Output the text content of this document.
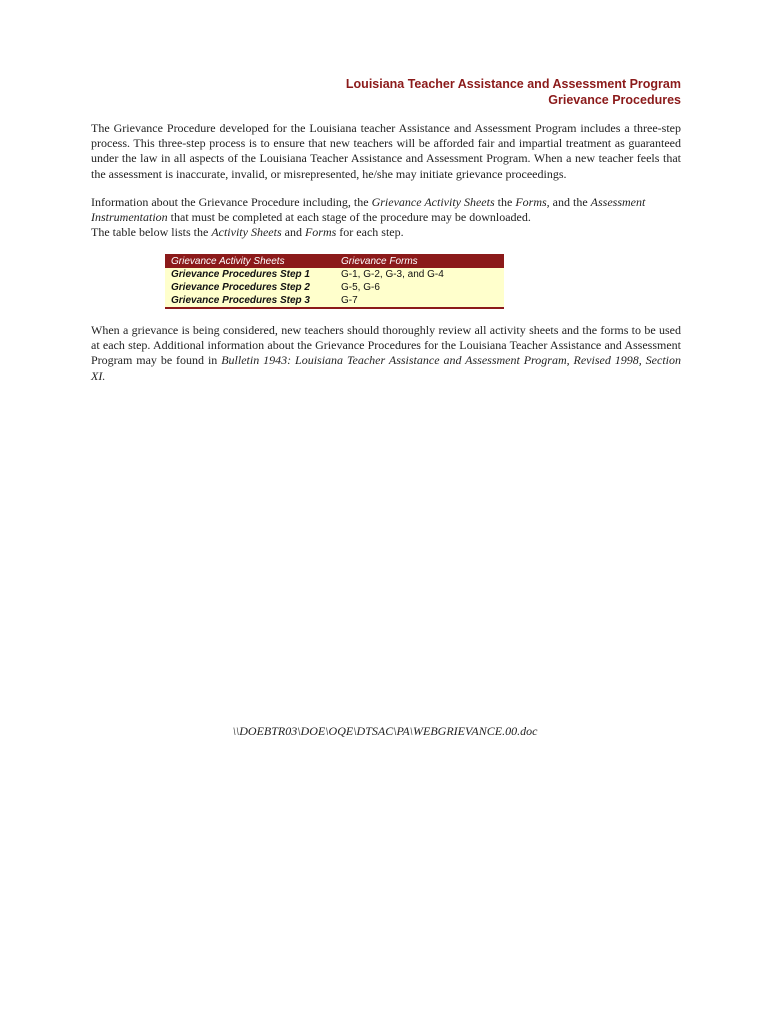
Louisiana Teacher Assistance and Assessment Program
Grievance Procedures
The Grievance Procedure developed for the Louisiana teacher Assistance and Assessment Program includes a three-step process. This three-step process is to ensure that new teachers will be afforded fair and impartial treatment as guaranteed under the law in all aspects of the Louisiana Teacher Assistance and Assessment Program. When a new teacher feels that the assessment is inaccurate, invalid, or misrepresented, he/she may initiate grievance proceedings.
Information about the Grievance Procedure including, the Grievance Activity Sheets the Forms, and the Assessment Instrumentation that must be completed at each stage of the procedure may be downloaded.
The table below lists the Activity Sheets and Forms for each step.
Grievance Activity Sheets	Grievance Forms
Grievance Procedures Step 1	G-1, G-2, G-3, and G-4
Grievance Procedures Step 2	G-5, G-6
Grievance Procedures Step 3	G-7
When a grievance is being considered, new teachers should thoroughly review all activity sheets and the forms to be used at each step. Additional information about the Grievance Procedures for the Louisiana Teacher Assistance and Assessment Program may be found in Bulletin 1943: Louisiana Teacher Assistance and Assessment Program, Revised 1998, Section XI.
\\DOEBTR03\DOE\OQE\DTSAC\PA\WEBGRIEVANCE.00.doc
